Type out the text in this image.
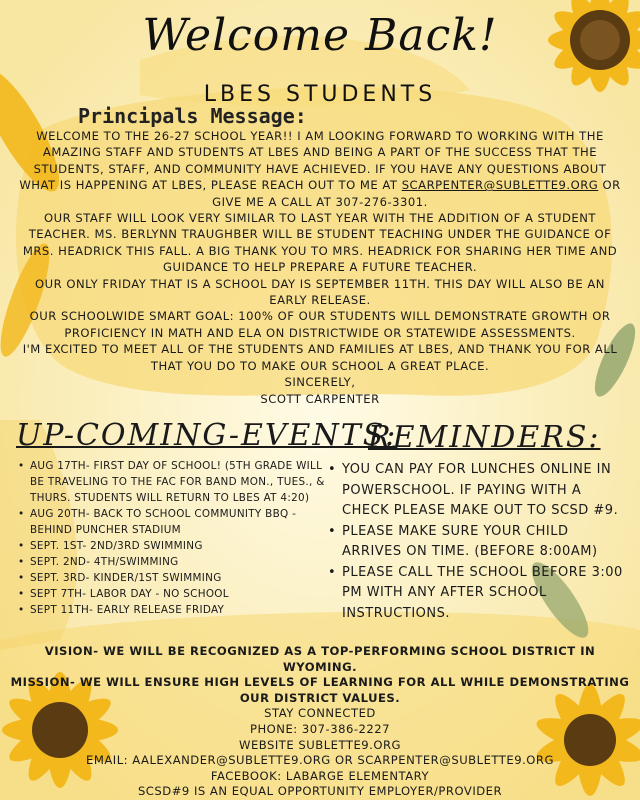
Welcome Back!
LBES STUDENTS
Principals Message:

WELCOME TO THE 26-27 SCHOOL YEAR!! I AM LOOKING FORWARD TO WORKING WITH THE AMAZING STAFF AND STUDENTS AT LBES AND BEING A PART OF THE SUCCESS THAT THE STUDENTS, STAFF, AND COMMUNITY HAVE ACHIEVED. IF YOU HAVE ANY QUESTIONS ABOUT WHAT IS HAPPENING AT LBES, PLEASE REACH OUT TO ME AT SCARPENTER@SUBLETTE9.ORG OR GIVE ME A CALL AT 307-276-3301.

OUR STAFF WILL LOOK VERY SIMILAR TO LAST YEAR WITH THE ADDITION OF A STUDENT TEACHER. MS. BERLYNN TRAUGHBER WILL BE STUDENT TEACHING UNDER THE GUIDANCE OF MRS. HEADRICK THIS FALL. A BIG THANK YOU TO MRS. HEADRICK FOR SHARING HER TIME AND GUIDANCE TO HELP PREPARE A FUTURE TEACHER.

OUR ONLY FRIDAY THAT IS A SCHOOL DAY IS SEPTEMBER 11TH. THIS DAY WILL ALSO BE AN EARLY RELEASE.

OUR SCHOOLWIDE SMART GOAL: 100% OF OUR STUDENTS WILL DEMONSTRATE GROWTH OR PROFICIENCY IN MATH AND ELA ON DISTRICTWIDE OR STATEWIDE ASSESSMENTS.

I'M EXCITED TO MEET ALL OF THE STUDENTS AND FAMILIES AT LBES, AND THANK YOU FOR ALL THAT YOU DO TO MAKE OUR SCHOOL A GREAT PLACE.

SINCERELY,

SCOTT CARPENTER

UP-COMING-EVENTS:
• AUG 17TH- FIRST DAY OF SCHOOL! (5TH GRADE WILL BE TRAVELING TO THE FAC FOR BAND MON., TUES., & THURS. STUDENTS WILL RETURN TO LBES AT 4:20)
• AUG 20TH- BACK TO SCHOOL COMMUNITY BBQ - BEHIND PUNCHER STADIUM
• SEPT. 1ST- 2ND/3RD SWIMMING
• SEPT. 2ND- 4TH/SWIMMING
• SEPT. 3RD- KINDER/1ST SWIMMING
• SEPT 7TH- LABOR DAY - NO SCHOOL
• SEPT 11TH- EARLY RELEASE FRIDAY
REMINDERS:
• YOU CAN PAY FOR LUNCHES ONLINE IN POWERSCHOOL. IF PAYING WITH A CHECK PLEASE MAKE OUT TO SCSD #9.
• PLEASE MAKE SURE YOUR CHILD ARRIVES ON TIME. (BEFORE 8:00AM)
• PLEASE CALL THE SCHOOL BEFORE 3:00 PM WITH ANY AFTER SCHOOL INSTRUCTIONS.

VISION- WE WILL BE RECOGNIZED AS A TOP-PERFORMING SCHOOL DISTRICT IN WYOMING.

MISSION- WE WILL ENSURE HIGH LEVELS OF LEARNING FOR ALL WHILE DEMONSTRATING OUR DISTRICT VALUES.

STAY CONNECTED

PHONE: 307-386-2227

WEBSITE SUBLETTE9.ORG

EMAIL: AALEXANDER@SUBLETTE9.ORG OR SCARPENTER@SUBLETTE9.ORG

FACEBOOK: LABARGE ELEMENTARY

SCSD#9 IS AN EQUAL OPPORTUNITY EMPLOYER/PROVIDER
